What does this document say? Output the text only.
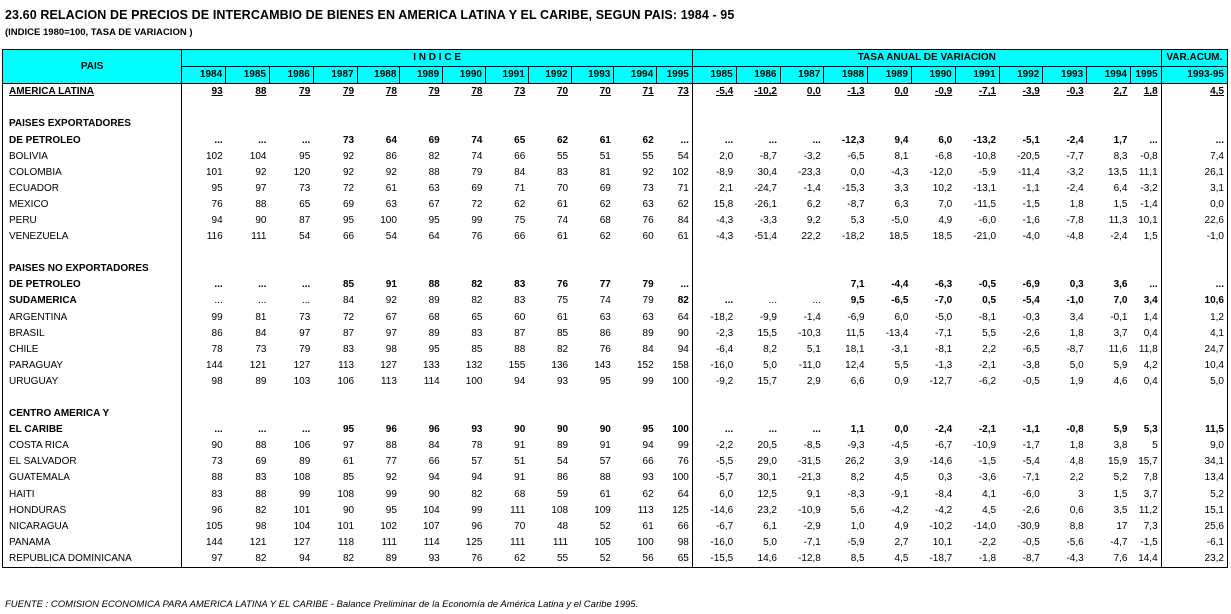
23.60 RELACION DE PRECIOS DE INTERCAMBIO DE BIENES EN AMERICA LATINA Y EL CARIBE, SEGUN PAIS: 1984 - 95
(INDICE 1980=100, TASA DE VARIACION )
PAIS	I N D I C E												TASA ANUAL DE VARIACION											VAR.ACUM.
	1984	1985	1986	1987	1988	1989	1990	1991	1992	1993	1994	1995	1985	1986	1987	1988	1989	1990	1991	1992	1993	1994	1995	1993-95
AMERICA LATINA	93	88	79	79	78	79	78	73	70	70	71	73	-5,4	-10,2	0,0	-1,3	0,0	-0,9	-7,1	-3,9	-0,3	2,7	1,8	4,5

PAISES EXPORTADORES																								
DE PETROLEO	...	...	...	73	64	69	74	65	62	61	62	...	...	...	...	-12,3	9,4	6,0	-13,2	-5,1	-2,4	1,7	...	...
BOLIVIA	102	104	95	92	86	82	74	66	55	51	55	54	2,0	-8,7	-3,2	-6,5	8,1	-6,8	-10,8	-20,5	-7,7	8,3	-0,8	7,4
COLOMBIA	101	92	120	92	92	88	79	84	83	81	92	102	-8,9	30,4	-23,3	0,0	-4,3	-12,0	-5,9	-11,4	-3,2	13,5	11,1	26,1
ECUADOR	95	97	73	72	61	63	69	71	70	69	73	71	2,1	-24,7	-1,4	-15,3	3,3	10,2	-13,1	-1,1	-2,4	6,4	-3,2	3,1
MEXICO	76	88	65	69	63	67	72	62	61	62	63	62	15,8	-26,1	6,2	-8,7	6,3	7,0	-11,5	-1,5	1,8	1,5	-1,4	0,0
PERU	94	90	87	95	100	95	99	75	74	68	76	84	-4,3	-3,3	9,2	5,3	-5,0	4,9	-6,0	-1,6	-7,8	11,3	10,1	22,6
VENEZUELA	116	111	54	66	54	64	76	66	61	62	60	61	-4,3	-51,4	22,2	-18,2	18,5	18,5	-21,0	-4,0	-4,8	-2,4	1,5	-1,0

PAISES NO EXPORTADORES																								
DE PETROLEO	...	...	...	85	91	88	82	83	76	77	79	...				7,1	-4,4	-6,3	-0,5	-6,9	0,3	3,6	...	...
SUDAMERICA	...	...	...	84	92	89	82	83	75	74	79	82	...	...	...	9,5	-6,5	-7,0	0,5	-5,4	-1,0	7,0	3,4	10,6
ARGENTINA	99	81	73	72	67	68	65	60	61	63	63	64	-18,2	-9,9	-1,4	-6,9	6,0	-5,0	-8,1	-0,3	3,4	-0,1	1,4	1,2
BRASIL	86	84	97	87	97	89	83	87	85	86	89	90	-2,3	15,5	-10,3	11,5	-13,4	-7,1	5,5	-2,6	1,8	3,7	0,4	4,1
CHILE	78	73	79	83	98	95	85	88	82	76	84	94	-6,4	8,2	5,1	18,1	-3,1	-8,1	2,2	-6,5	-8,7	11,6	11,8	24,7
PARAGUAY	144	121	127	113	127	133	132	155	136	143	152	158	-16,0	5,0	-11,0	12,4	5,5	-1,3	-2,1	-3,8	5,0	5,9	4,2	10,4
URUGUAY	98	89	103	106	113	114	100	94	93	95	99	100	-9,2	15,7	2,9	6,6	0,9	-12,7	-6,2	-0,5	1,9	4,6	0,4	5,0

CENTRO AMERICA Y																								
EL CARIBE	...	...	...	95	96	96	93	90	90	90	95	100	...	...	...	1,1	0,0	-2,4	-2,1	-1,1	-0,8	5,9	5,3	11,5
COSTA RICA	90	88	106	97	88	84	78	91	89	91	94	99	-2,2	20,5	-8,5	-9,3	-4,5	-6,7	-10,9	-1,7	1,8	3,8	5	9,0
EL SALVADOR	73	69	89	61	77	66	57	51	54	57	66	76	-5,5	29,0	-31,5	26,2	3,9	-14,6	-1,5	-5,4	4,8	15,9	15,7	34,1
GUATEMALA	88	83	108	85	92	94	94	91	86	88	93	100	-5,7	30,1	-21,3	8,2	4,5	0,3	-3,6	-7,1	2,2	5,2	7,8	13,4
HAITI	83	88	99	108	99	90	82	68	59	61	62	64	6,0	12,5	9,1	-8,3	-9,1	-8,4	4,1	-6,0	3	1,5	3,7	5,2
HONDURAS	96	82	101	90	95	104	99	111	108	109	113	125	-14,6	23,2	-10,9	5,6	-4,2	-4,2	4,5	-2,6	0,6	3,5	11,2	15,1
NICARAGUA	105	98	104	101	102	107	96	70	48	52	61	66	-6,7	6,1	-2,9	1,0	4,9	-10,2	-14,0	-30,9	8,8	17	7,3	25,6
PANAMA	144	121	127	118	111	114	125	111	111	105	100	98	-16,0	5,0	-7,1	-5,9	2,7	10,1	-2,2	-0,5	-5,6	-4,7	-1,5	-6,1
REPUBLICA DOMINICANA	97	82	94	82	89	93	76	62	55	52	56	65	-15,5	14,6	-12,8	8,5	4,5	-18,7	-1,8	-8,7	-4,3	7,6	14,4	23,2
FUENTE : COMISION ECONOMICA PARA AMERICA LATINA Y EL CARIBE - Balance Preliminar de la Economía de América Latina y el Caribe 1995.
